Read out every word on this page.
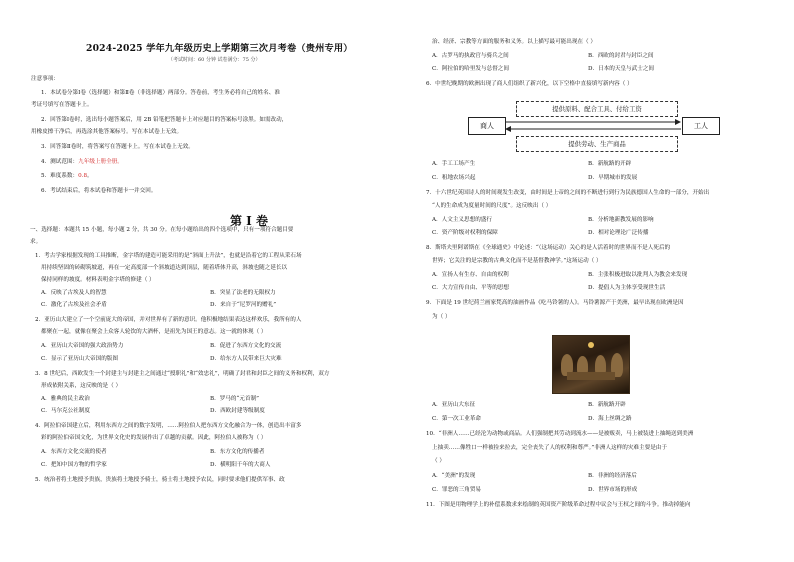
2024-2025 学年九年级历史上学期第三次月考卷（贵州专用）
（考试时间：60 分钟 试卷满分：75 分）
注意事项：
1．本试卷分第Ⅰ卷（选择题）和第Ⅱ卷（非选择题）两部分。答卷前，考生务必将自己的姓名、准
考证号填写在答题卡上。
2．回答第Ⅰ卷时，选出每小题答案后，用 2B 铅笔把答题卡上对应题目的答案标号涂黑。如需改动，
用橡皮擦干净后，再选涂其他答案标号。写在本试卷上无效。
3．回答第Ⅱ卷时，将答案写在答题卡上。写在本试卷上无效。
4．测试范围：九年级上册全册。
5．难度系数：0.8。
6．考试结束后，将本试卷和答题卡一并交回。
一、选择题：本题共 15 小题，每小题 2 分，共 30 分。在每小题给出的四个选项中，只有一项符合题目要
求。
1．考古学家根据发现的工具推断，金字塔的建造可能采用的是“斜面上升法”，也就是沿着它的工程从采石场
用持续坚固的砖砌筑坡道，再在一定高度部一个斜坡道达到顶层，随着塔体升高，斜坡也随之延长以
保持同样的坡度。材料表明金字塔的修建（ ）
A．反映了古埃及人的智慧	B．突显了法老的无限权力
C．激化了古埃及社会矛盾	D．来自于“尼罗河的赠礼”
2．亚历山大建立了一个空前庞大的帝国，并对世界有了新的意识。他积极地结果表达这样欢乐，我所有的人
都聚在一起，就像在聚会上众客人轮饮的大酒杯，是祖先为国王的意志。这一就的体现（ ）
A．亚历山大帝国的强大政治势力	B．促进了东西方文化的交流
C．显示了亚历山大帝国的版图	D．给东方人民带来巨大灾难
3．8 世纪后，西欧发生一个封建主与封建主之间通过“授职礼”和“效忠礼”，明确了封君和封臣之间的义务和权利，双方
形成依附关系，这反映的是（ ）
A．雅典的民主政治	B．罗马的“元首制”
C．马尔克公社制度	D．西欧封建等级制度
4．阿拉伯帝国建立后，利用东西方之间的数字发明，……阿拉伯人把东西方文化融合为一体，创造出丰富多
彩的阿拉伯帝国文化，为世界文化史的发展作出了卓越的贡献。因此，阿拉伯人被称为（ ）
A．东西方文化交流的使者	B．东方文化的传播者
C．把知中国方物的哲学家	D．横明阳千年的大商人
5．统治者将土地授予贵族，贵族将土地授予骑士，骑士将土地授予农民，同时要求他们提供军事、政
第 Ⅰ 卷
治、经济、宗教等方面的服务和义务。以上描写最可能出现在（ ）
A．古罗马的执政官与骑兵之间	B．西欧的封君与封臣之间
C．阿拉伯的哈里发与总督之间	D．日本的天皇与武士之间
6．中世纪晚期的欧洲出现了商人们组织了新兴化，以下空格中直接填写新内容（ ）
A．手工工场产生	B．新航路的开辟
C．租地农场兴起	D．早期城市的发展
7．十六世纪英国诗人的时间观发生改变，由时间是上帝的之间的不断进行到行为民族德国人生命的一部分，开始出
“人的生命成为度量时间的尺度”。这反映出（ ）
A．人文主义思想的盛行	B．分析地新教发展的影响
C．资产阶级对权利的保障	D．相对论理论广泛传播
8．斯塔夫里阿诺斯在《全球通史》中论述：“（这场运动）关心的是人活着时的世界而不是人死后的
世界；它关注的是宗教的古典文化而不是基督教神学。”这场运动（ ）
A．宣扬人有生存、自由的权利	B．主张积极进取以批判人为教会来发现
C．大力宣传自由、平等的思想	D．提倡人为主体享受现世生活
9．下面是 19 世纪荷兰画家梵高的油画作品《吃马铃薯的人》。马铃薯源产于美洲，最早出现在欧洲是因
为（ ）
A．亚历山大东征	B．新航路开辟
C．第一次工业革命	D．海上丝绸之路
10．“非洲人……已经沦为动物或商品。人们强制把其劳动到流水——是被贩卖，马上被装进上抽绳送到美洲
上抽卖……像牲口一样被捡来拉去，完全丧失了人的权利和尊严。”非洲人这样的灾难主要是由于
（ ）
A．“美洲”的发现	B．非洲的经济落后
C．罪恶的三角贸易	D．世界市场的形成
11．下图是用物理学上的补偿系数求来绘制的英国资产阶级革命过程中议会与王权之间的斗争。推动掉能向
提供原料、配合工具、付给工资
提供劳动、生产商品
商人	工人
